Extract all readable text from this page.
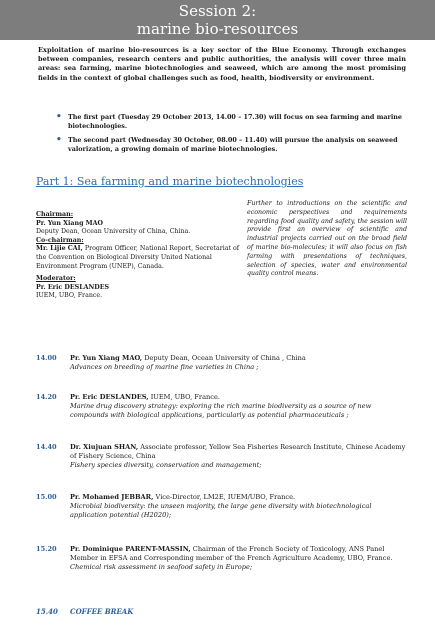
Session 2:
marine bio-resources
Exploitation of marine bio-resources is a key sector of the Blue Economy. Through exchanges between companies, research centers and public authorities, the analysis will cover three main areas: sea farming, marine biotechnologies and seaweed, which are among the most promising fields in the context of global challenges such as food, health, biodiversity or environment.
• The first part (Tuesday 29 October 2013, 14.00 – 17.30) will focus on sea farming and marine biotechnologies.
• The second part (Wednesday 30 October, 08.00 – 11.40) will pursue the analysis on seaweed valorization, a growing domain of marine biotechnologies.
Part 1: Sea farming and marine biotechnologies
Chairman:
Pr. Yun Xiang MAO
Deputy Dean, Ocean University of China, China.
Co-chairman:
Mr. Lijie CAI, Program Officer, National Report, Secretariat of the Convention on Biological Diversity United National Environment Program (UNEP), Canada.
Moderator:
Pr. Eric DESLANDES
IUEM, UBO, France.
Further to introductions on the scientific and economic perspectives and requirements regarding food quality and safety, the session will provide first an overview of scientific and industrial projects carried out on the broad field of marine bio-molecules; it will also focus on fish farming with presentations of techniques, selection of species, water and environmental quality control means.
14.00 Pr. Yun Xiang MAO, Deputy Dean, Ocean University of China , China
Advances on breeding of marine fine varieties in China ;
14.20 Pr. Eric DESLANDES, IUEM, UBO, France.
Marine drug discovery strategy: exploring the rich marine biodiversity as a source of new compounds with biological applications, particularly as potential pharmaceuticals ;
14.40 Dr. Xiujuan SHAN, Associate professor, Yellow Sea Fisheries Research Institute, Chinese Academy of Fishery Science, China
Fishery species diversity, conservation and management;
15.00 Pr. Mohamed JEBBAR, Vice-Director, LM2E, IUEM/UBO, France.
Microbial biodiversity: the unseen majority, the large gene diversity with biotechnological application potential (H2020);
15.20 Pr. Dominique PARENT-MASSIN, Chairman of the French Society of Toxicology, ANS Panel Member in EFSA and Corresponding member of the French Agriculture Academy, UBO, France.
Chemical risk assessment in seafood safety in Europe;
15.40 COFFEE BREAK
